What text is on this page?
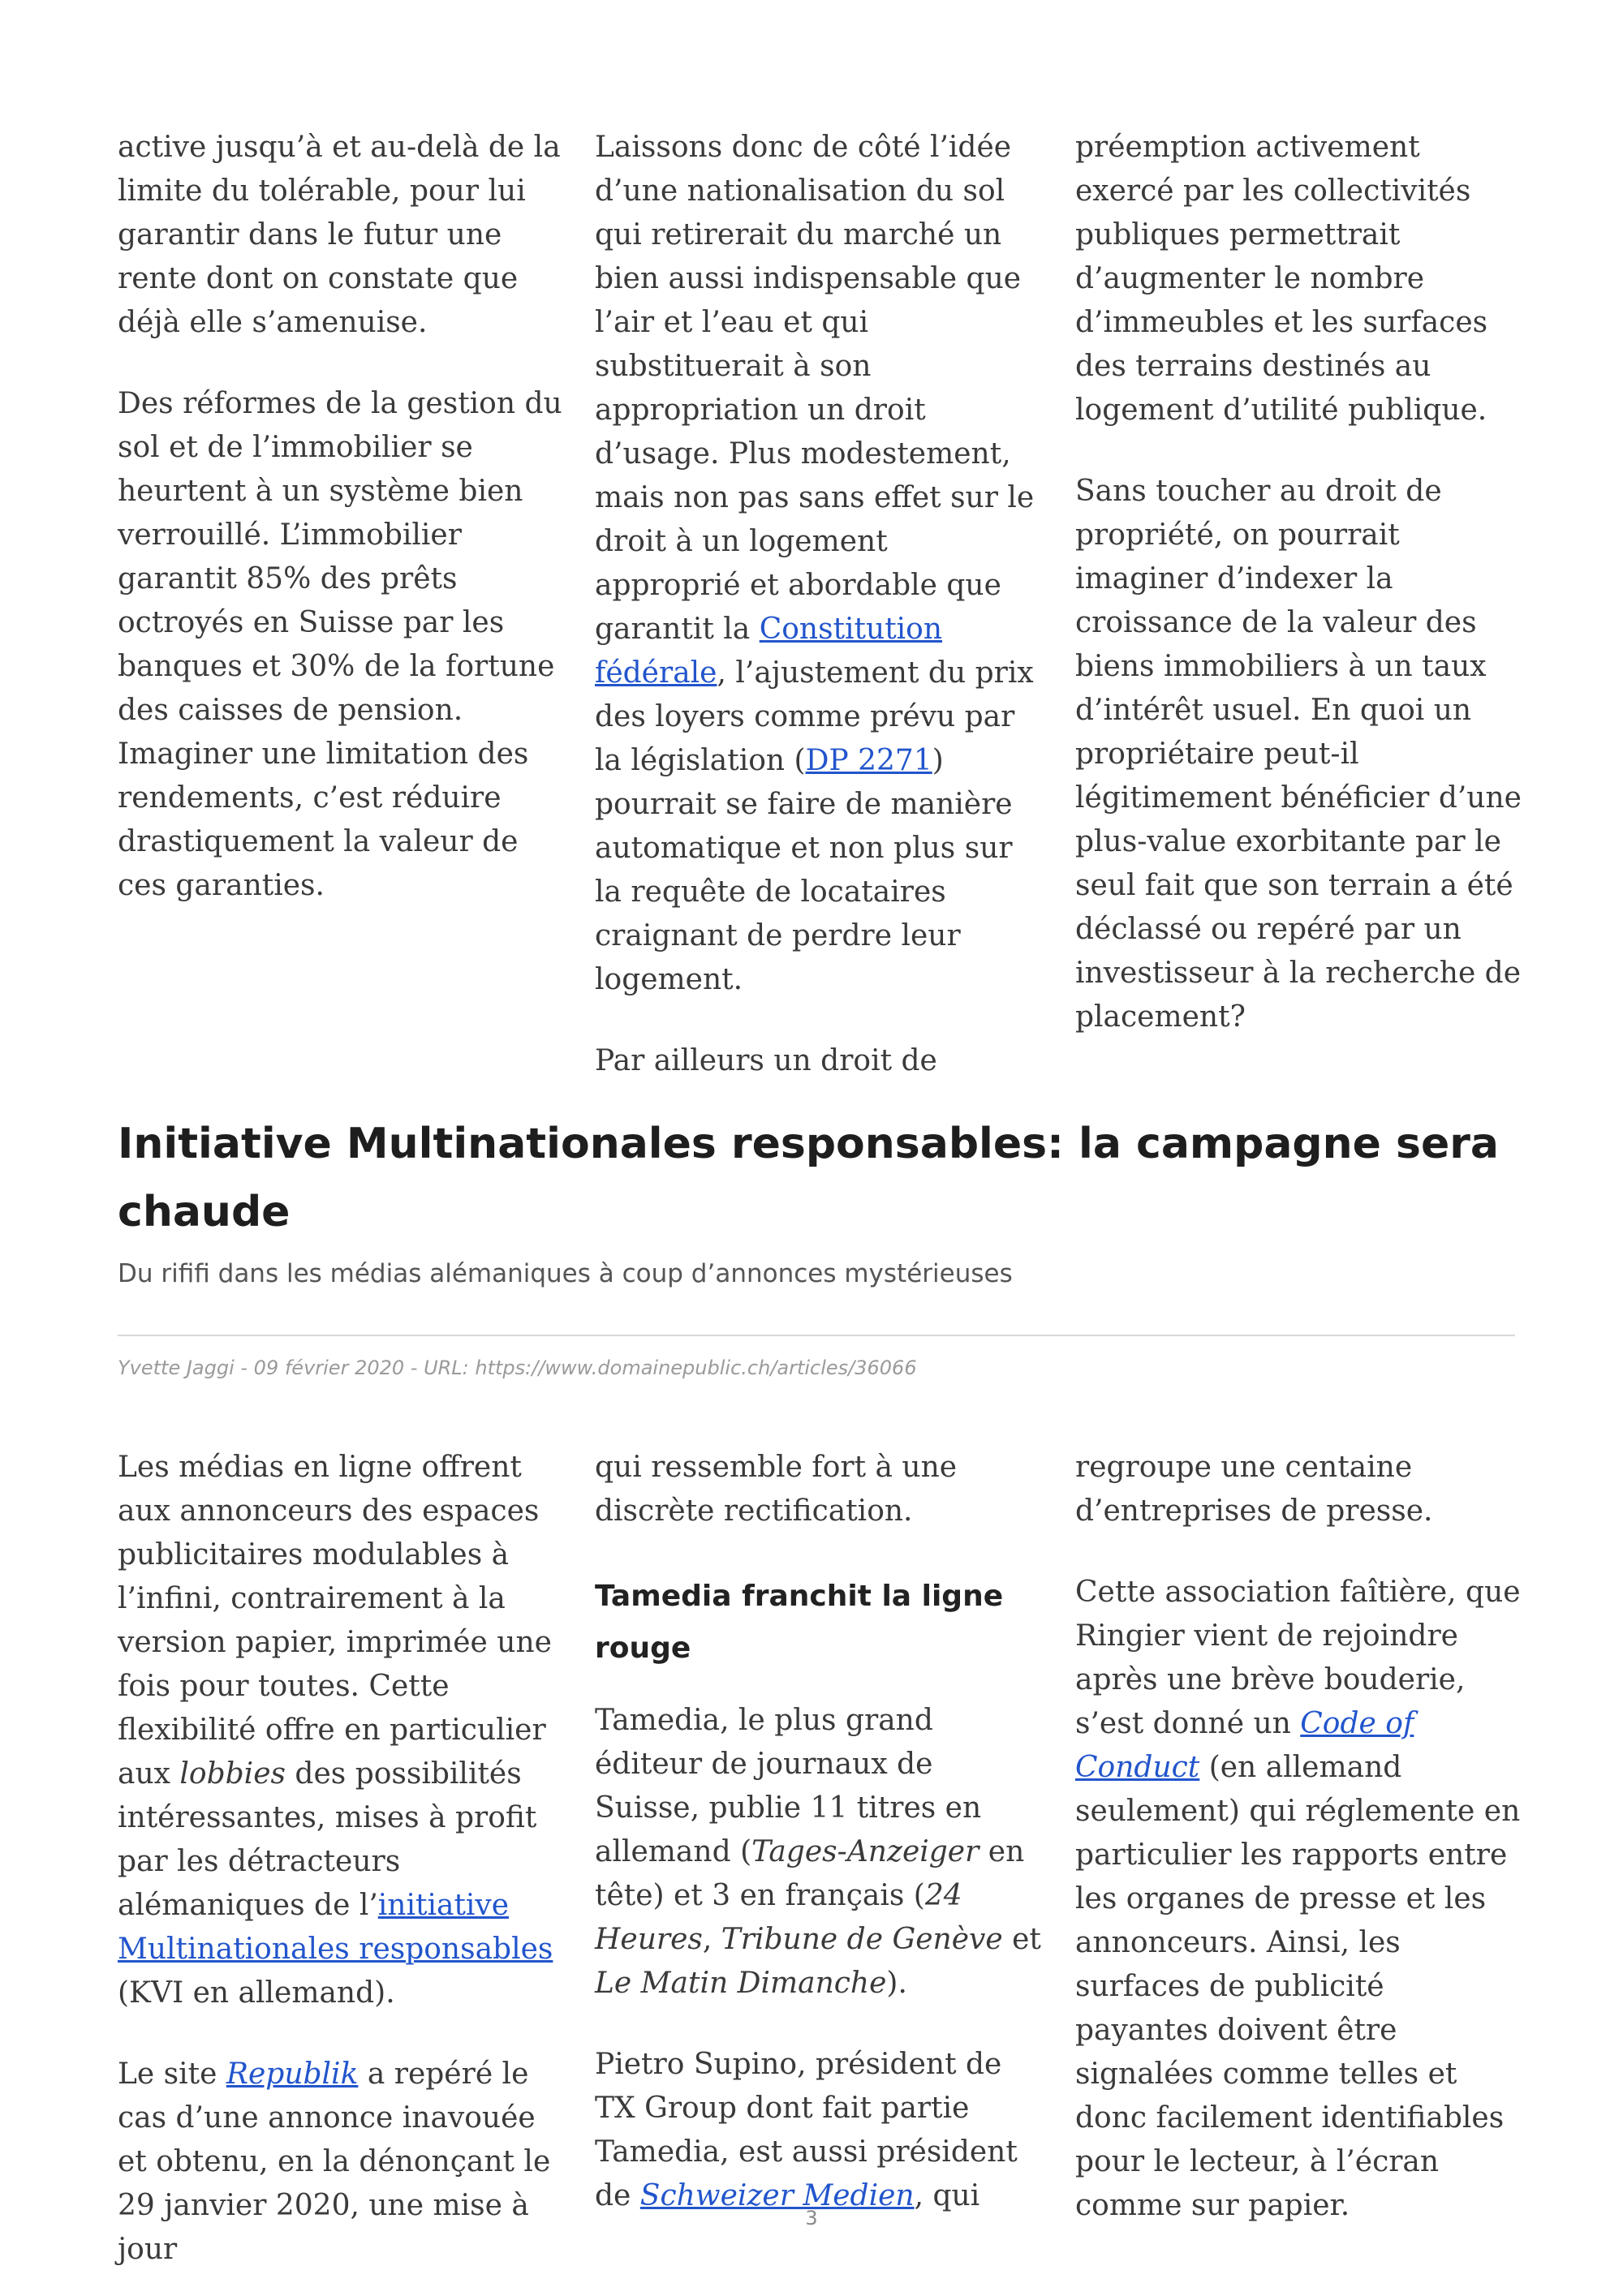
active jusqu’à et au-delà de la limite du tolérable, pour lui garantir dans le futur une rente dont on constate que déjà elle s’amenuise.

Des réformes de la gestion du sol et de l’immobilier se heurtent à un système bien verrouillé. L’immobilier garantit 85% des prêts octroyés en Suisse par les banques et 30% de la fortune des caisses de pension. Imaginer une limitation des rendements, c’est réduire drastiquement la valeur de ces garanties.

Laissons donc de côté l’idée d’une nationalisation du sol qui retirerait du marché un bien aussi indispensable que l’air et l’eau et qui substituerait à son appropriation un droit d’usage. Plus modestement, mais non pas sans effet sur le droit à un logement approprié et abordable que garantit la Constitution fédérale, l’ajustement du prix des loyers comme prévu par la législation (DP 2271) pourrait se faire de manière automatique et non plus sur la requête de locataires craignant de perdre leur logement.

Par ailleurs un droit de

préemption activement exercé par les collectivités publiques permettrait d’augmenter le nombre d’immeubles et les surfaces des terrains destinés au logement d’utilité publique.

Sans toucher au droit de propriété, on pourrait imaginer d’indexer la croissance de la valeur des biens immobiliers à un taux d’intérêt usuel. En quoi un propriétaire peut-il légitimement bénéficier d’une plus-value exorbitante par le seul fait que son terrain a été déclassé ou repéré par un investisseur à la recherche de placement?

Initiative Multinationales responsables: la campagne sera chaude

Du rififi dans les médias alémaniques à coup d’annonces mystérieuses

Yvette Jaggi - 09 février 2020 - URL: https://www.domainepublic.ch/articles/36066

Les médias en ligne offrent aux annonceurs des espaces publicitaires modulables à l’infini, contrairement à la version papier, imprimée une fois pour toutes. Cette flexibilité offre en particulier aux lobbies des possibilités intéressantes, mises à profit par les détracteurs alémaniques de l’initiative Multinationales responsables (KVI en allemand).

Le site Republik a repéré le cas d’une annonce inavouée et obtenu, en la dénonçant le 29 janvier 2020, une mise à jour

qui ressemble fort à une discrète rectification.

Tamedia franchit la ligne rouge

Tamedia, le plus grand éditeur de journaux de Suisse, publie 11 titres en allemand (Tages-Anzeiger en tête) et 3 en français (24 Heures, Tribune de Genève et Le Matin Dimanche).

Pietro Supino, président de TX Group dont fait partie Tamedia, est aussi président de Schweizer Medien, qui

regroupe une centaine d’entreprises de presse.

Cette association faîtière, que Ringier vient de rejoindre après une brève bouderie, s’est donné un Code of Conduct (en allemand seulement) qui réglemente en particulier les rapports entre les organes de presse et les annonceurs. Ainsi, les surfaces de publicité payantes doivent être signalées comme telles et donc facilement identifiables pour le lecteur, à l’écran comme sur papier.

3
